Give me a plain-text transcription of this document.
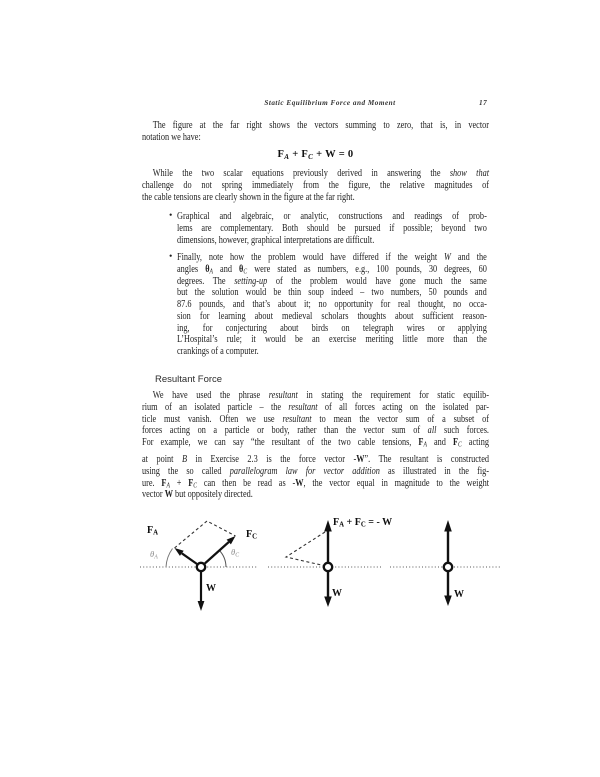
Static Equilibrium Force and Moment	17
The figure at the far right shows the vectors summing to zero, that is, in vector
notation we have:
$F_A + F_C + W = 0$
While the two scalar equations previously derived in answering the show that
challenge do not spring immediately from the figure, the relative magnitudes of
the cable tensions are clearly shown in the figure at the far right.
• Graphical and algebraic, or analytic, constructions and readings of prob-
lems are complementary. Both should be pursued if possible; beyond two
dimensions, however, graphical interpretations are difficult.
• Finally, note how the problem would have differed if the weight W and the
angles $\theta_A$ and $\theta_C$ were stated as numbers, e.g., 100 pounds, 30 degrees, 60
degrees. The setting-up of the problem would have gone much the same
but the solution would be thin soup indeed – two numbers, 50 pounds and
87.6 pounds, and that’s about it; no opportunity for real thought, no occa-
sion for learning about medieval scholars thoughts about sufficient reason-
ing, for conjecturing about birds on telegraph wires or applying
L’Hospital’s rule; it would be an exercise meriting little more than the
crankings of a computer.
Resultant Force
We have used the phrase resultant in stating the requirement for static equilib-
rium of an isolated particle – the resultant of all forces acting on the isolated par-
ticle must vanish. Often we use resultant to mean the vector sum of a subset of
forces acting on a particle or body, rather than the vector sum of all such forces.
For example, we can say “the resultant of the two cable tensions, $F_A$ and $F_C$ acting
at point B in Exercise 2.3 is the force vector -W”. The resultant is constructed
using the so called parallelogram law for vector addition as illustrated in the fig-
ure. $F_A + F_C$ can then be read as -W, the vector equal in magnitude to the weight
vector W but oppositely directed.
$F_A$	$F_C$
$\theta_A$
$\theta_C$
W
$F_A + F_C$ = - W
W	W
